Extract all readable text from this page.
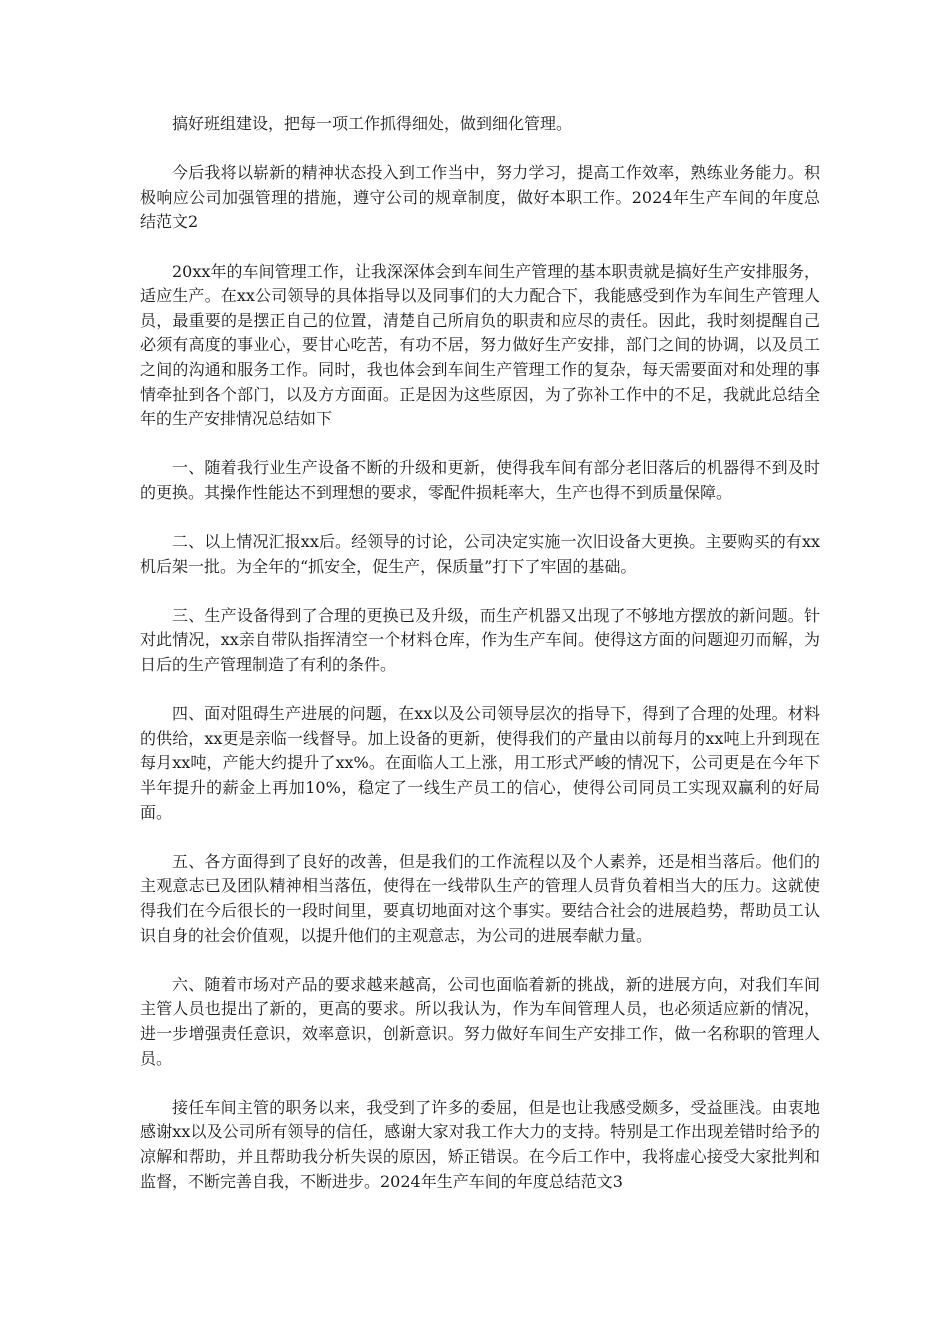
搞好班组建设，把每一项工作抓得细处，做到细化管理。

今后我将以崭新的精神状态投入到工作当中，努力学习，提高工作效率，熟练业务能力。积极响应公司加强管理的措施，遵守公司的规章制度，做好本职工作。2024年生产车间的年度总结范文2

20xx年的车间管理工作，让我深深体会到车间生产管理的基本职责就是搞好生产安排服务，适应生产。在xx公司领导的具体指导以及同事们的大力配合下，我能感受到作为车间生产管理人员，最重要的是摆正自己的位置，清楚自己所肩负的职责和应尽的责任。因此，我时刻提醒自己必须有高度的事业心，要甘心吃苦，有功不居，努力做好生产安排，部门之间的协调，以及员工之间的沟通和服务工作。同时，我也体会到车间生产管理工作的复杂，每天需要面对和处理的事情牵扯到各个部门，以及方方面面。正是因为这些原因，为了弥补工作中的不足，我就此总结全年的生产安排情况总结如下

一、随着我行业生产设备不断的升级和更新，使得我车间有部分老旧落后的机器得不到及时的更换。其操作性能达不到理想的要求，零配件损耗率大，生产也得不到质量保障。

二、以上情况汇报xx后。经领导的讨论，公司决定实施一次旧设备大更换。主要购买的有xx机后架一批。为全年的“抓安全，促生产，保质量”打下了牢固的基础。

三、生产设备得到了合理的更换已及升级，而生产机器又出现了不够地方摆放的新问题。针对此情况，xx亲自带队指挥清空一个材料仓库，作为生产车间。使得这方面的问题迎刃而解，为日后的生产管理制造了有利的条件。

四、面对阻碍生产进展的问题，在xx以及公司领导层次的指导下，得到了合理的处理。材料的供给，xx更是亲临一线督导。加上设备的更新，使得我们的产量由以前每月的xx吨上升到现在每月xx吨，产能大约提升了xx%。在面临人工上涨，用工形式严峻的情况下，公司更是在今年下半年提升的薪金上再加10%，稳定了一线生产员工的信心，使得公司同员工实现双赢利的好局面。

五、各方面得到了良好的改善，但是我们的工作流程以及个人素养，还是相当落后。他们的主观意志已及团队精神相当落伍，使得在一线带队生产的管理人员背负着相当大的压力。这就使得我们在今后很长的一段时间里，要真切地面对这个事实。要结合社会的进展趋势，帮助员工认识自身的社会价值观，以提升他们的主观意志，为公司的进展奉献力量。

六、随着市场对产品的要求越来越高，公司也面临着新的挑战，新的进展方向，对我们车间主管人员也提出了新的，更高的要求。所以我认为，作为车间管理人员，也必须适应新的情况，进一步增强责任意识，效率意识，创新意识。努力做好车间生产安排工作，做一名称职的管理人员。

接任车间主管的职务以来，我受到了许多的委屈，但是也让我感受颇多，受益匪浅。由衷地感谢xx以及公司所有领导的信任，感谢大家对我工作大力的支持。特别是工作出现差错时给予的凉解和帮助，并且帮助我分析失误的原因，矫正错误。在今后工作中，我将虚心接受大家批判和监督，不断完善自我，不断进步。2024年生产车间的年度总结范文3
